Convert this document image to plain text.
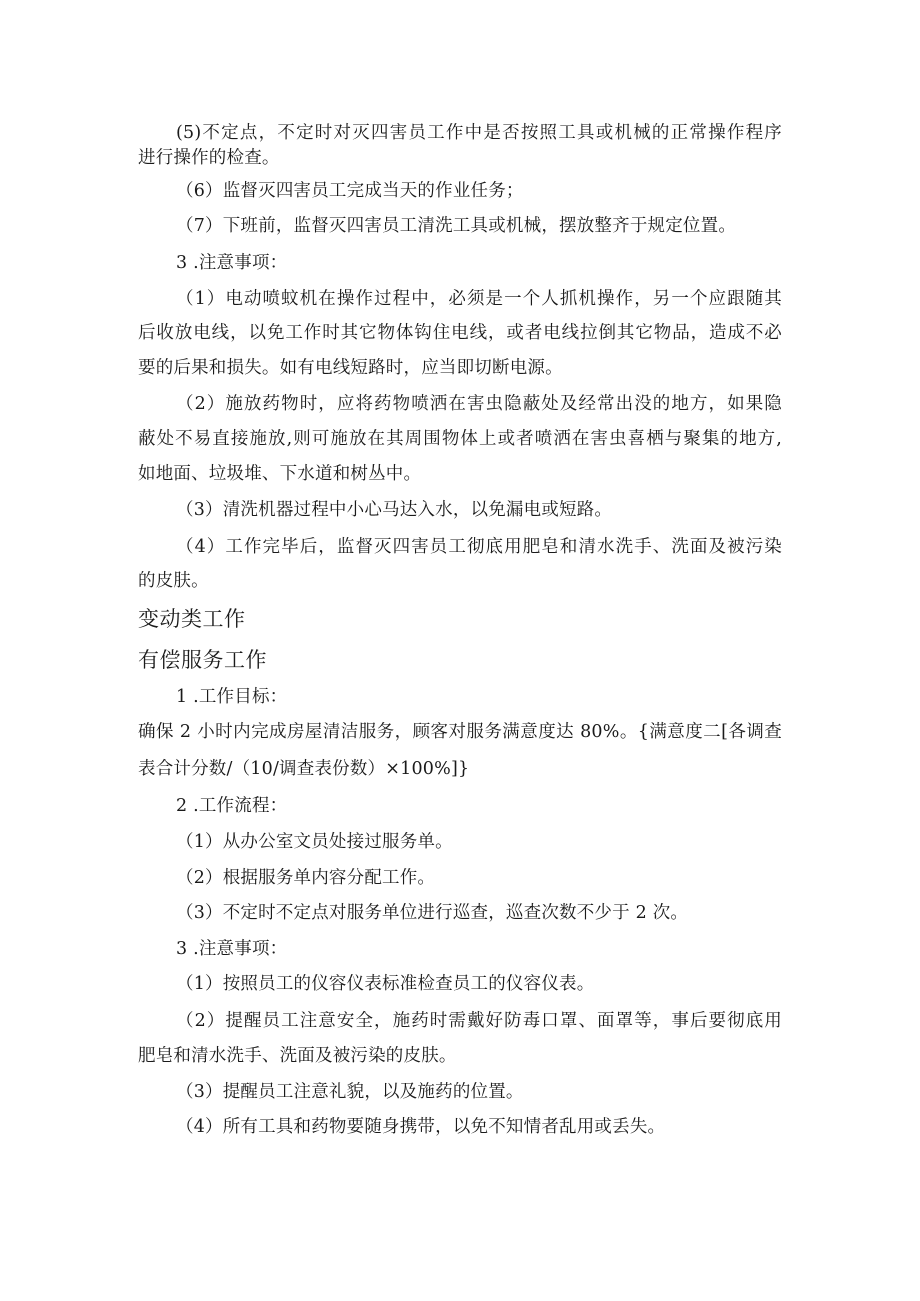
(5)不定点，不定时对灭四害员工作中是否按照工具或机械的正常操作程序
进行操作的检查。
（6）监督灭四害员工完成当天的作业任务；
（7）下班前，监督灭四害员工清洗工具或机械，摆放整齐于规定位置。
3 .注意事项：
（1）电动喷蚊机在操作过程中，必须是一个人抓机操作，另一个应跟随其
后收放电线，以免工作时其它物体钩住电线，或者电线拉倒其它物品，造成不必
要的后果和损失。如有电线短路时，应当即切断电源。
（2）施放药物时，应将药物喷洒在害虫隐蔽处及经常出没的地方，如果隐
蔽处不易直接施放,则可施放在其周围物体上或者喷洒在害虫喜栖与聚集的地方,
如地面、垃圾堆、下水道和树丛中。
（3）清洗机器过程中小心马达入水，以免漏电或短路。
（4）工作完毕后，监督灭四害员工彻底用肥皂和清水洗手、洗面及被污染
的皮肤。
变动类工作
有偿服务工作
1 .工作目标：
确保 2 小时内完成房屋清洁服务，顾客对服务满意度达 80%。{满意度二[各调查
表合计分数/（10/调查表份数）×100%]}
2 .工作流程：
（1）从办公室文员处接过服务单。
（2）根据服务单内容分配工作。
（3）不定时不定点对服务单位进行巡查，巡查次数不少于 2 次。
3 .注意事项：
（1）按照员工的仪容仪表标准检查员工的仪容仪表。
（2）提醒员工注意安全，施药时需戴好防毒口罩、面罩等，事后要彻底用
肥皂和清水洗手、洗面及被污染的皮肤。
（3）提醒员工注意礼貌，以及施药的位置。
（4）所有工具和药物要随身携带，以免不知情者乱用或丢失。
